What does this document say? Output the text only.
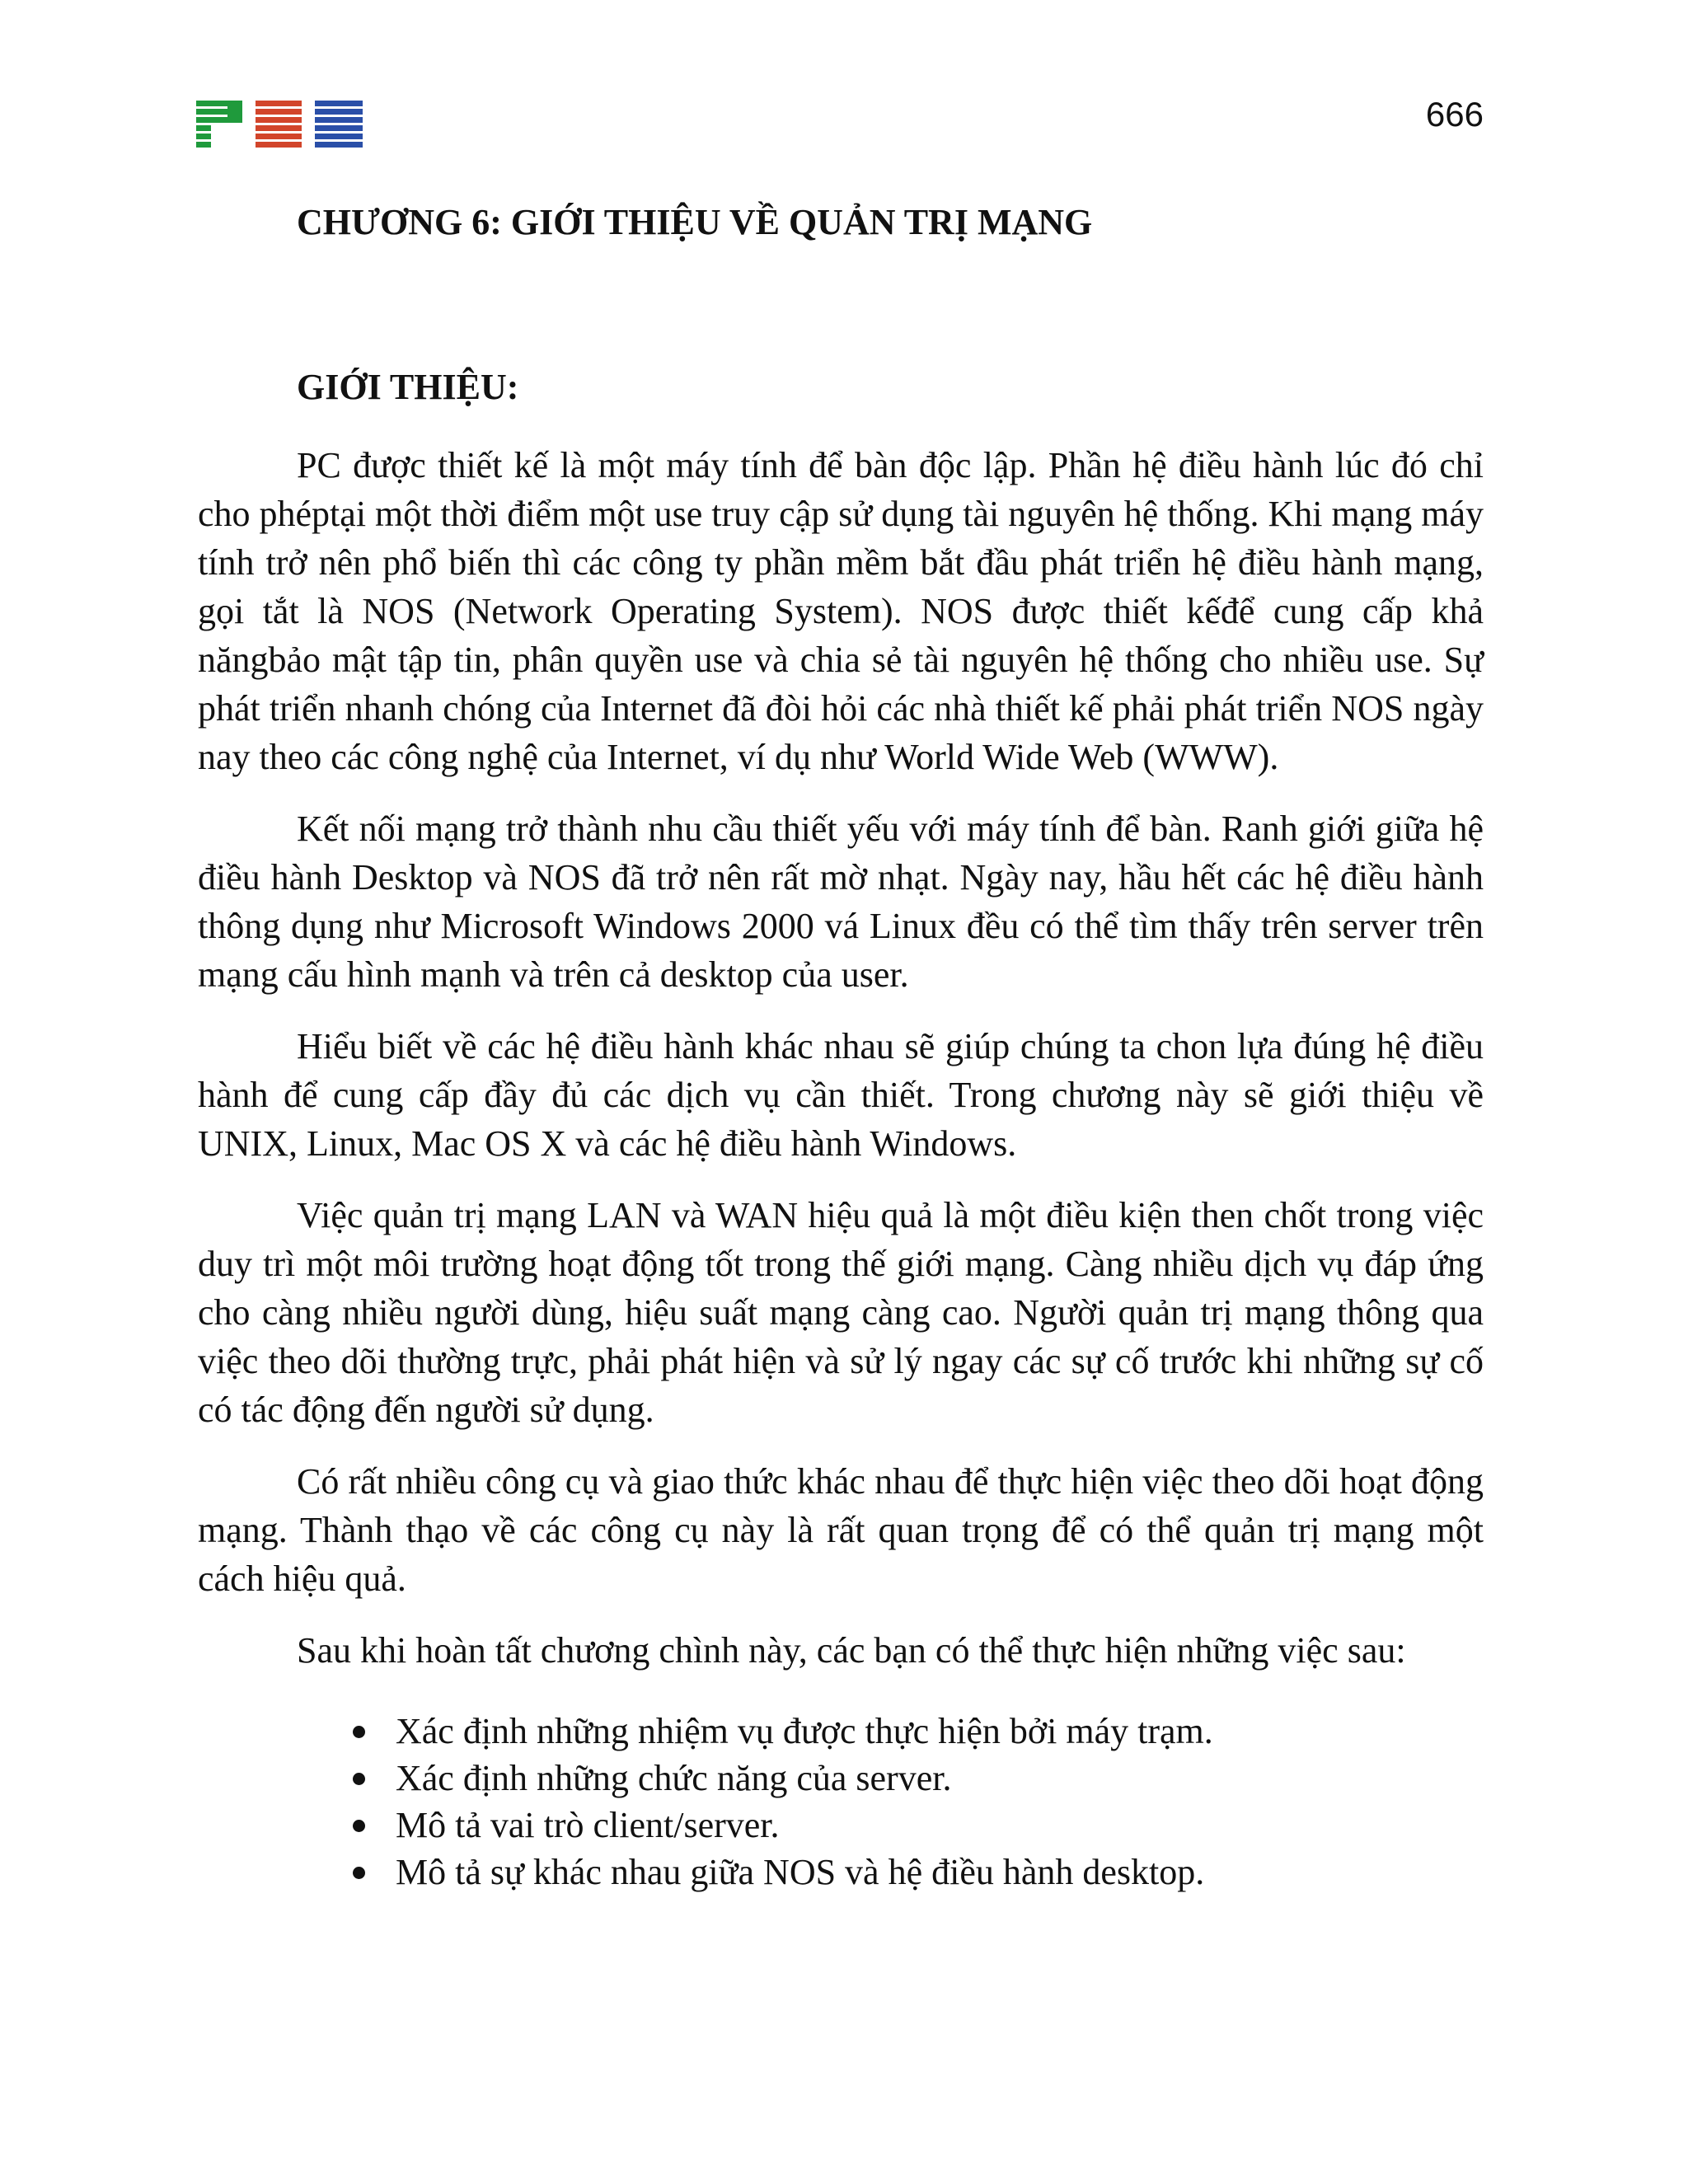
666
CHƯƠNG 6: GIỚI THIỆU VỀ QUẢN TRỊ MẠNG
GIỚI THIỆU:

PC được thiết kế là một máy tính để bàn độc lập. Phần hệ điều hành lúc đó chỉ cho phéptại một thời điểm một use truy cập sử dụng tài nguyên hệ thống. Khi mạng máy tính trở nên phổ biến thì các công ty phần mềm bắt đầu phát triển hệ điều hành mạng, gọi tắt là NOS (Network Operating System). NOS được thiết kếđể cung cấp khả năngbảo mật tập tin, phân quyền use và chia sẻ tài nguyên hệ thống cho nhiều use. Sự phát triển nhanh chóng của Internet đã đòi hỏi các nhà thiết kế phải phát triển NOS ngày nay theo các công nghệ của Internet, ví dụ như World Wide Web (WWW).

Kết nối mạng trở thành nhu cầu thiết yếu với máy tính để bàn. Ranh giới giữa hệ điều hành Desktop và NOS đã trở nên rất mờ nhạt. Ngày nay, hầu hết các hệ điều hành thông dụng như Microsoft Windows 2000 vá Linux đều có thể tìm thấy trên server trên mạng cấu hình mạnh và trên cả desktop của user.

Hiểu biết về các hệ điều hành khác nhau sẽ giúp chúng ta chon lựa đúng hệ điều hành để cung cấp đầy đủ các dịch vụ cần thiết. Trong chương này sẽ giới thiệu về UNIX, Linux, Mac OS X và các hệ điều hành Windows.

Việc quản trị mạng LAN và WAN hiệu quả là một điều kiện then chốt trong việc duy trì một môi trường hoạt động tốt trong thế giới mạng. Càng nhiều dịch vụ đáp ứng cho càng nhiều người dùng, hiệu suất mạng càng cao. Người quản trị mạng thông qua việc theo dõi thường trực, phải phát hiện và sử lý ngay các sự cố trước khi những sự cố có tác động đến người sử dụng.

Có rất nhiều công cụ và giao thức khác nhau để thực hiện việc theo dõi hoạt động mạng. Thành thạo về các công cụ này là rất quan trọng để có thể quản trị mạng một cách hiệu quả.

Sau khi hoàn tất chương chình này, các bạn có thể thực hiện những việc sau:

Xác định những nhiệm vụ được thực hiện bởi máy trạm.
Xác định những chức năng của server.
Mô tả vai trò client/server.
Mô tả sự khác nhau giữa NOS và hệ điều hành desktop.
